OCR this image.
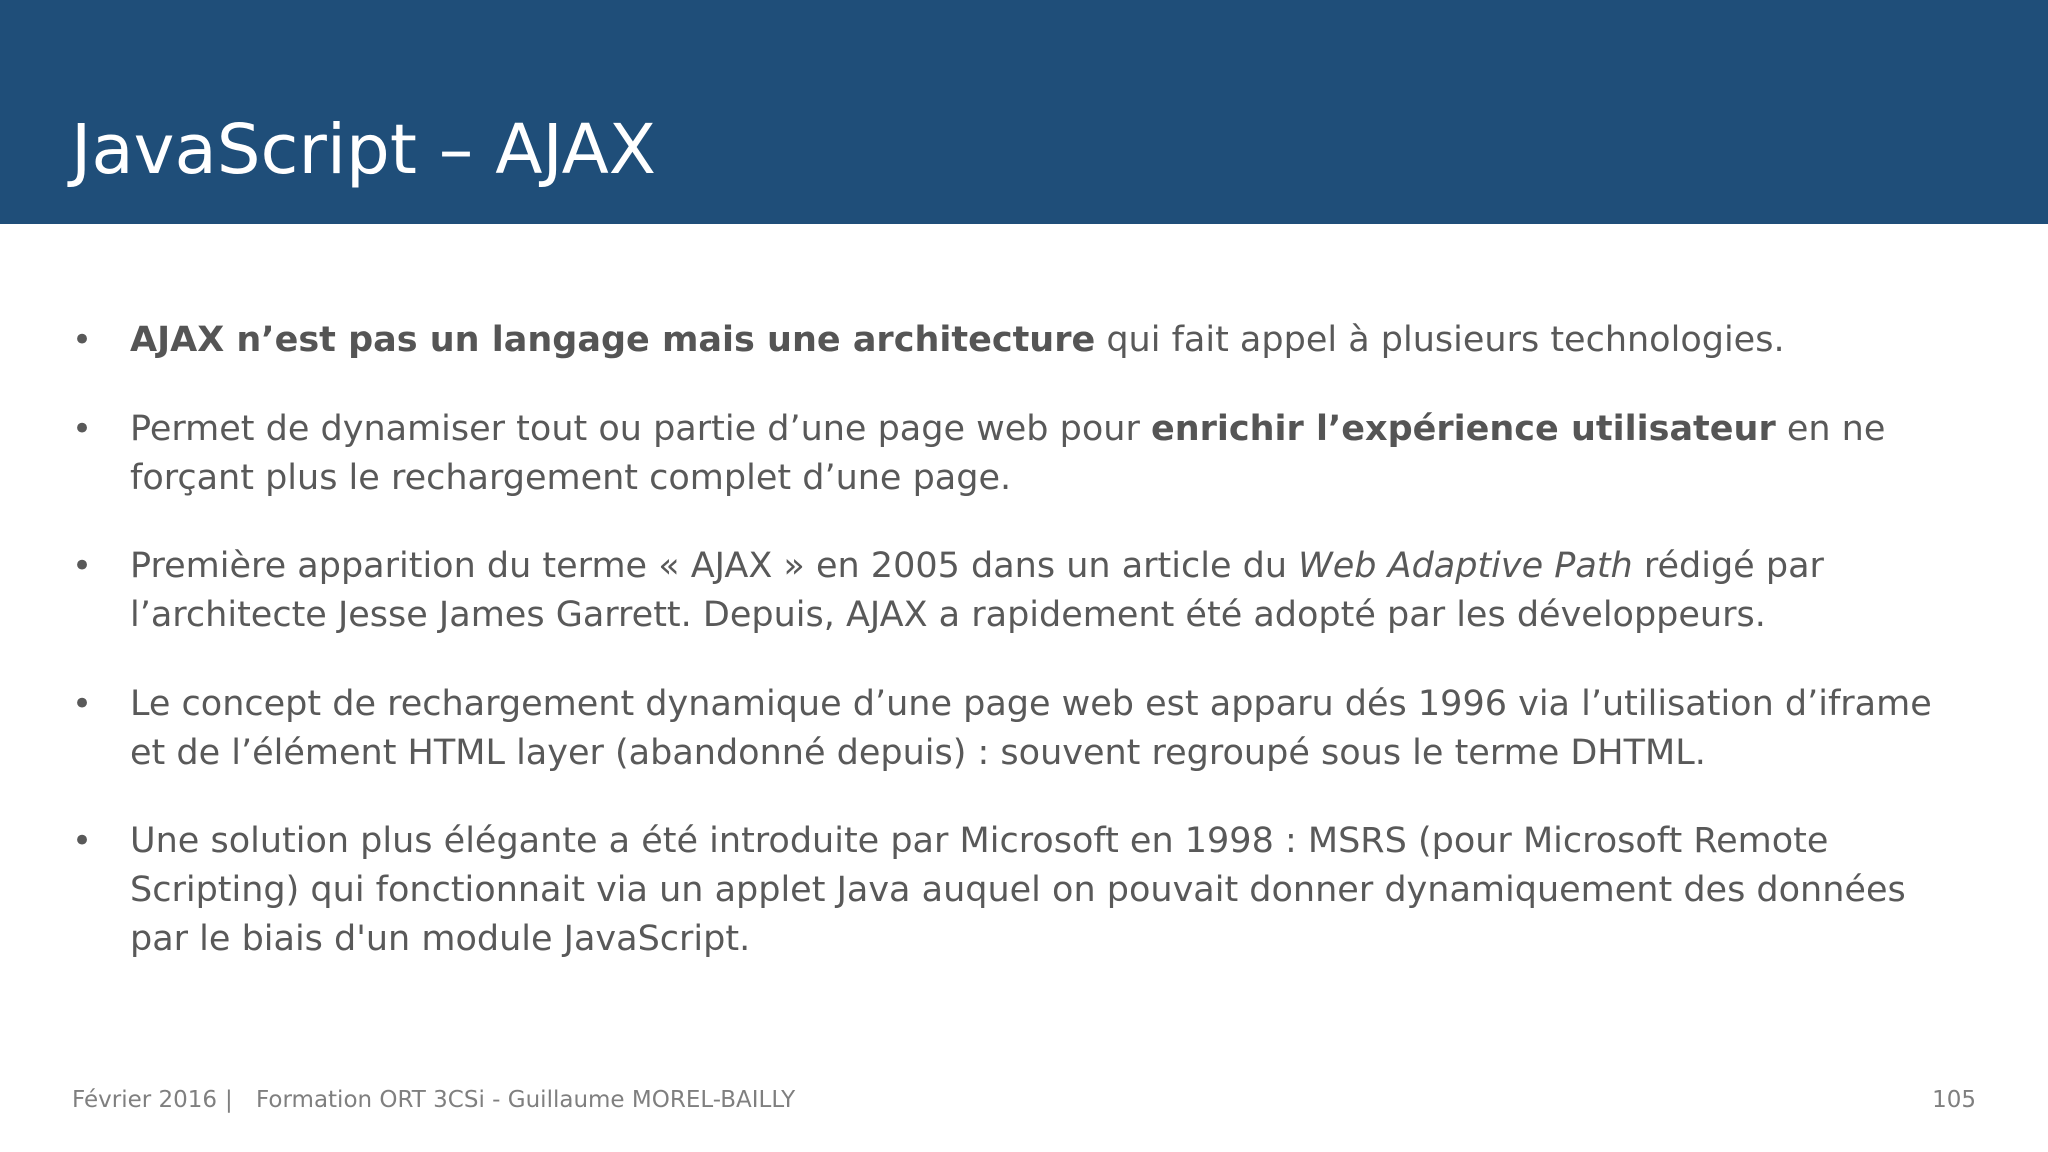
JavaScript – AJAX
• AJAX n’est pas un langage mais une architecture qui fait appel à plusieurs technologies.
• Permet de dynamiser tout ou partie d’une page web pour enrichir l’expérience utilisateur en ne
forçant plus le rechargement complet d’une page.
• Première apparition du terme « AJAX » en 2005 dans un article du Web Adaptive Path rédigé par
l’architecte Jesse James Garrett. Depuis, AJAX a rapidement été adopté par les développeurs.
• Le concept de rechargement dynamique d’une page web est apparu dés 1996 via l’utilisation d’iframe
et de l’élément HTML layer (abandonné depuis) : souvent regroupé sous le terme DHTML.
• Une solution plus élégante a été introduite par Microsoft en 1998 : MSRS (pour Microsoft Remote
Scripting) qui fonctionnait via un applet Java auquel on pouvait donner dynamiquement des données
par le biais d'un module JavaScript.
Février 2016 | Formation ORT 3CSi - Guillaume MOREL-BAILLY	105
